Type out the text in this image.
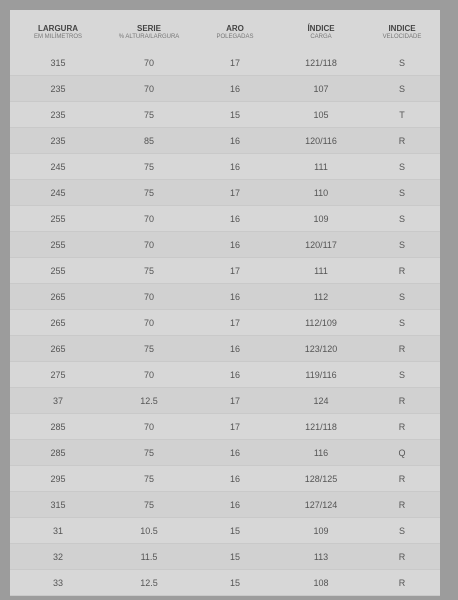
LARGURA
EM MILÍMETROS
SERIE
% ALTURA/LARGURA
ARO
POLEGADAS
ÍNDICE
CARGA
INDICE
VELOCIDADE
315	70	17	121/118	S
235	70	16	107	S
235	75	15	105	T
235	85	16	120/116	R
245	75	16	111	S
245	75	17	110	S
255	70	16	109	S
255	70	16	120/117	S
255	75	17	111	R
265	70	16	112	S
265	70	17	112/109	S
265	75	16	123/120	R
275	70	16	119/116	S
37	12.5	17	124	R
285	70	17	121/118	R
285	75	16	116	Q
295	75	16	128/125	R
315	75	16	127/124	R
31	10.5	15	109	S
32	11.5	15	113	R
33	12.5	15	108	R
